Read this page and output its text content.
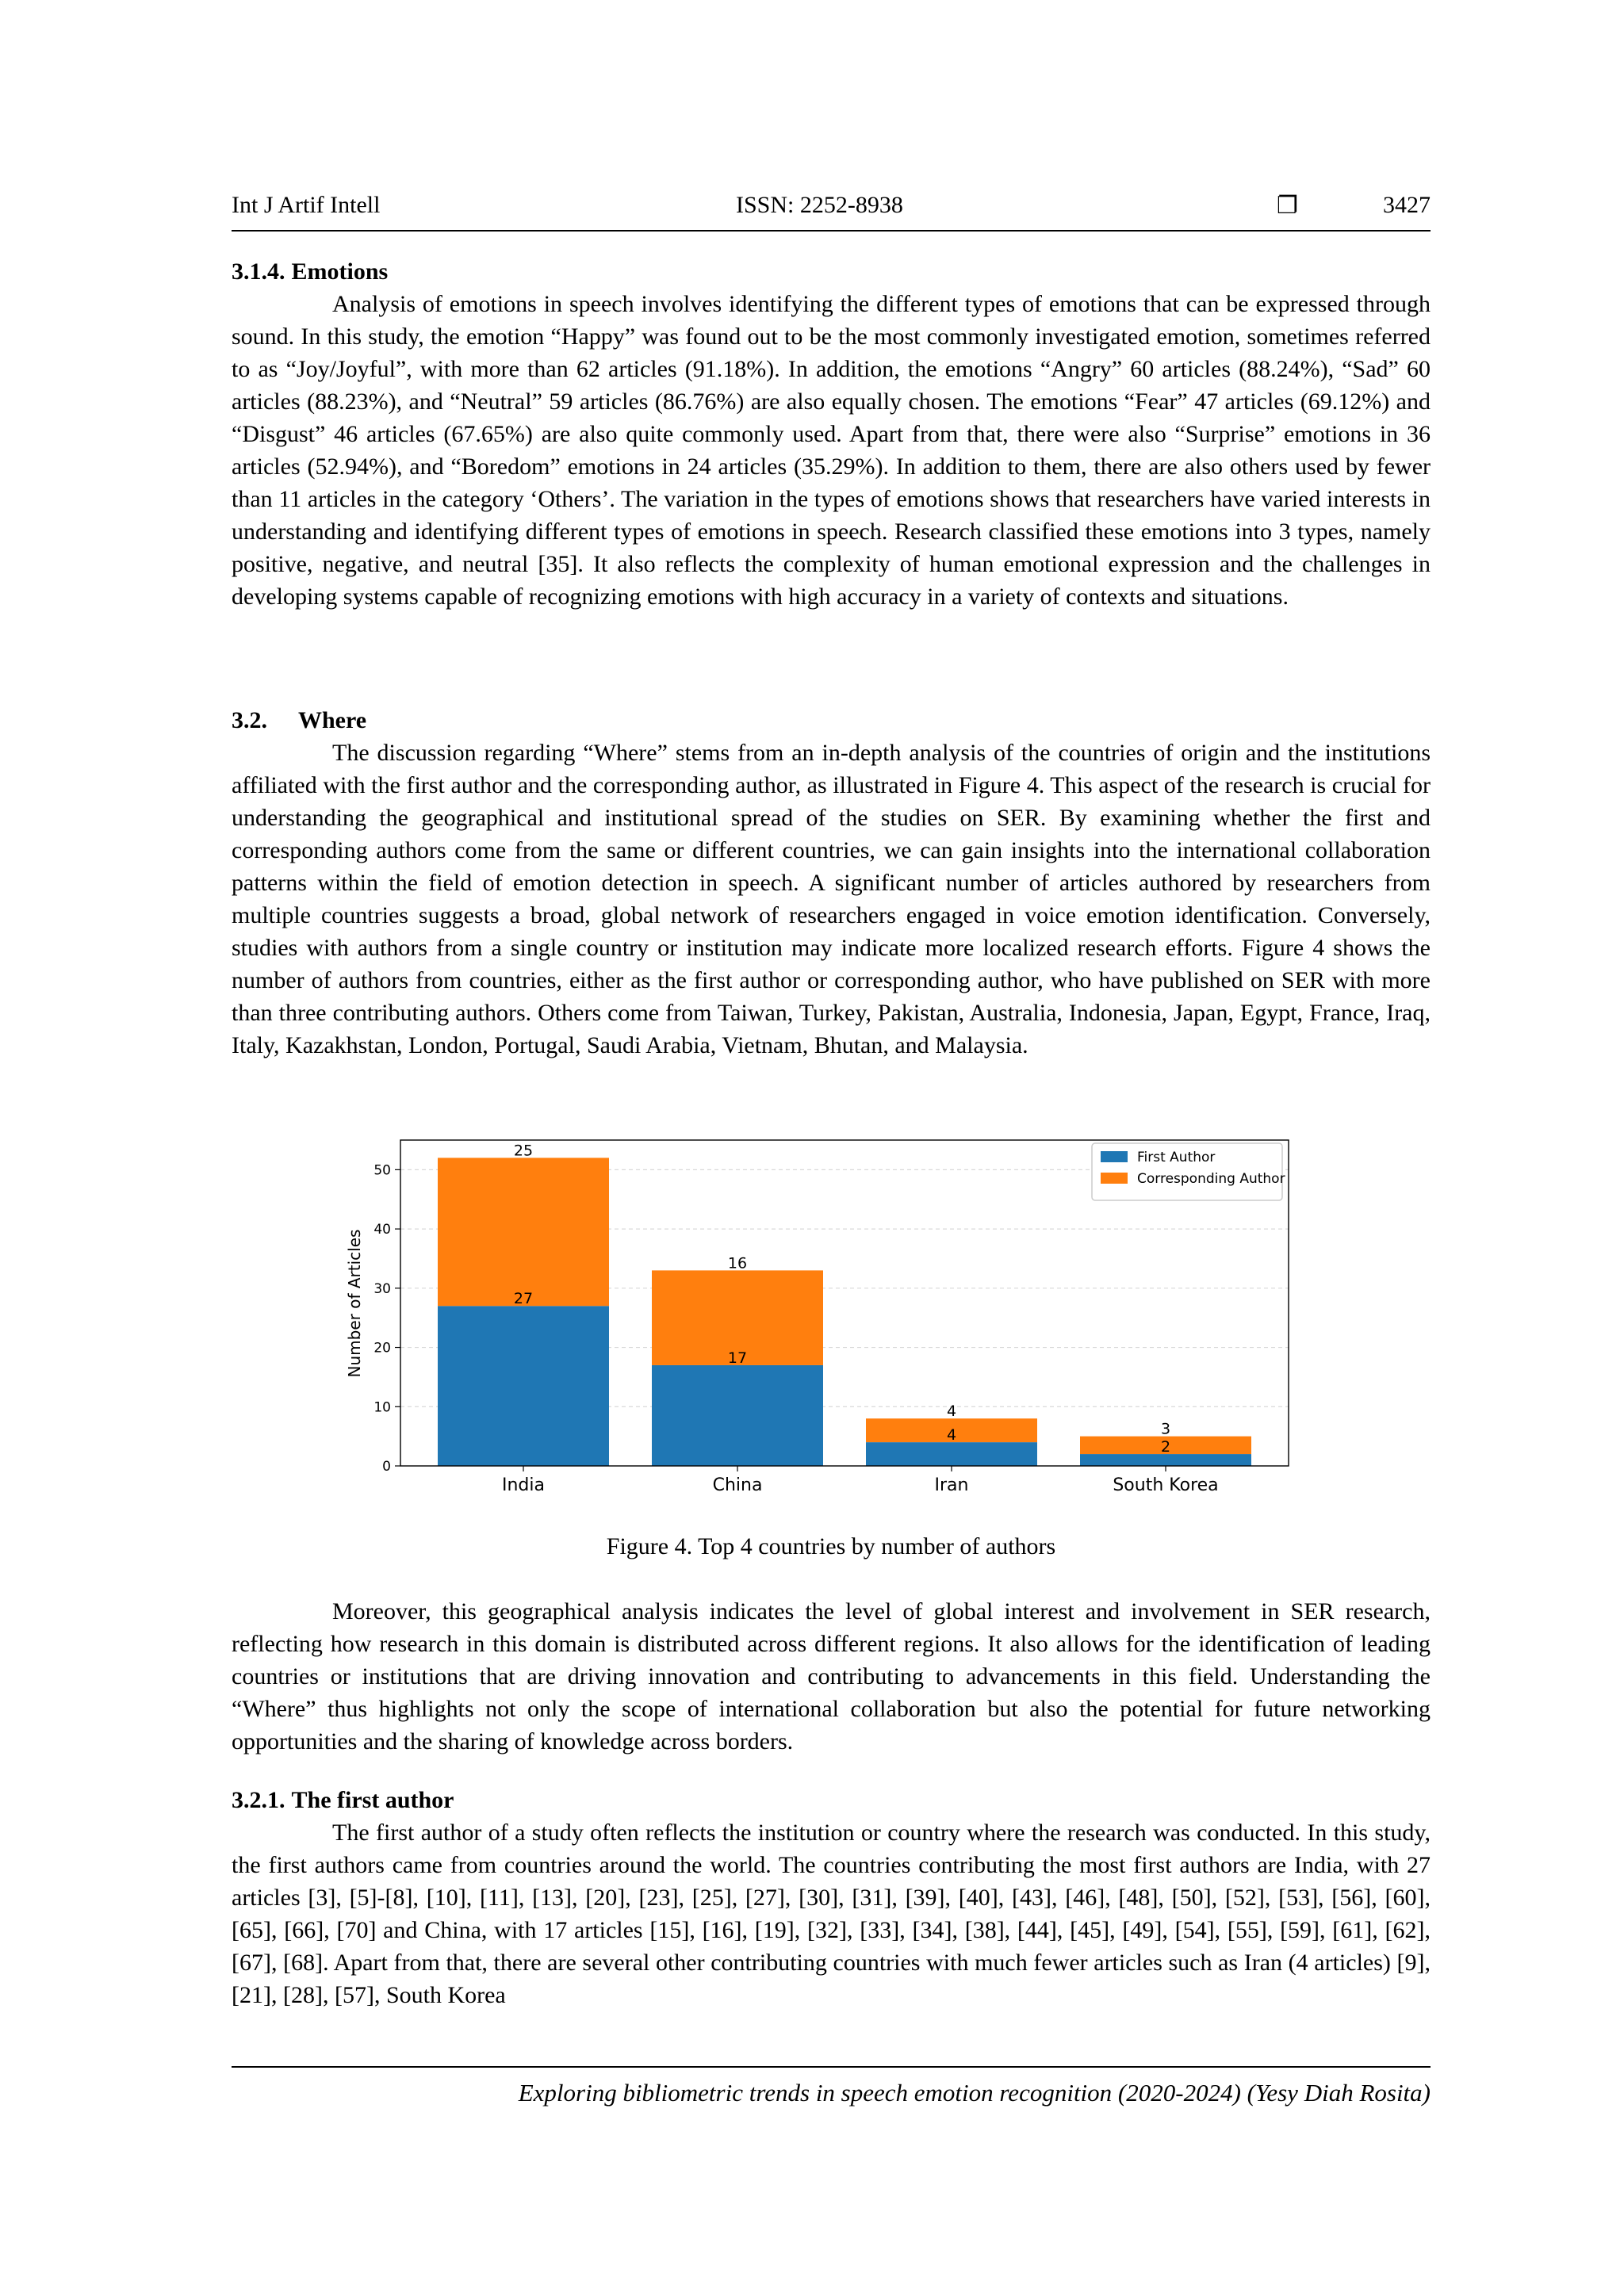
Int J Artif Intell	ISSN: 2252-8938	❐	3427
3.1.4. Emotions
Analysis of emotions in speech involves identifying the different types of emotions that can be expressed through sound. In this study, the emotion “Happy” was found out to be the most commonly investigated emotion, sometimes referred to as “Joy/Joyful”, with more than 62 articles (91.18%). In addition, the emotions “Angry” 60 articles (88.24%), “Sad” 60 articles (88.23%), and “Neutral” 59 articles (86.76%) are also equally chosen. The emotions “Fear” 47 articles (69.12%) and “Disgust” 46 articles (67.65%) are also quite commonly used. Apart from that, there were also “Surprise” emotions in 36 articles (52.94%), and “Boredom” emotions in 24 articles (35.29%). In addition to them, there are also others used by fewer than 11 articles in the category ‘Others’. The variation in the types of emotions shows that researchers have varied interests in understanding and identifying different types of emotions in speech. Research classified these emotions into 3 types, namely positive, negative, and neutral [35]. It also reflects the complexity of human emotional expression and the challenges in developing systems capable of recognizing emotions with high accuracy in a variety of contexts and situations.
3.2. Where
The discussion regarding “Where” stems from an in-depth analysis of the countries of origin and the institutions affiliated with the first author and the corresponding author, as illustrated in Figure 4. This aspect of the research is crucial for understanding the geographical and institutional spread of the studies on SER. By examining whether the first and corresponding authors come from the same or different countries, we can gain insights into the international collaboration patterns within the field of emotion detection in speech. A significant number of articles authored by researchers from multiple countries suggests a broad, global network of researchers engaged in voice emotion identification. Conversely, studies with authors from a single country or institution may indicate more localized research efforts. Figure 4 shows the number of authors from countries, either as the first author or corresponding author, who have published on SER with more than three contributing authors. Others come from Taiwan, Turkey, Pakistan, Australia, Indonesia, Japan, Egypt, France, Iraq, Italy, Kazakhstan, London, Portugal, Saudi Arabia, Vietnam, Bhutan, and Malaysia.
27
25
17
16
4
4
2
3
0
10
20
30
40
50
India	China	Iran	South Korea
Number of Articles
First Author
Corresponding Author
Figure 4. Top 4 countries by number of authors
Moreover, this geographical analysis indicates the level of global interest and involvement in SER research, reflecting how research in this domain is distributed across different regions. It also allows for the identification of leading countries or institutions that are driving innovation and contributing to advancements in this field. Understanding the “Where” thus highlights not only the scope of international collaboration but also the potential for future networking opportunities and the sharing of knowledge across borders.
3.2.1. The first author
The first author of a study often reflects the institution or country where the research was conducted. In this study, the first authors came from countries around the world. The countries contributing the most first authors are India, with 27 articles [3], [5]-[8], [10], [11], [13], [20], [23], [25], [27], [30], [31], [39], [40], [43], [46], [48], [50], [52], [53], [56], [60], [65], [66], [70] and China, with 17 articles [15], [16], [19], [32], [33], [34], [38], [44], [45], [49], [54], [55], [59], [61], [62], [67], [68]. Apart from that, there are several other contributing countries with much fewer articles such as Iran (4 articles) [9], [21], [28], [57], South Korea
Exploring bibliometric trends in speech emotion recognition (2020-2024) (Yesy Diah Rosita)
